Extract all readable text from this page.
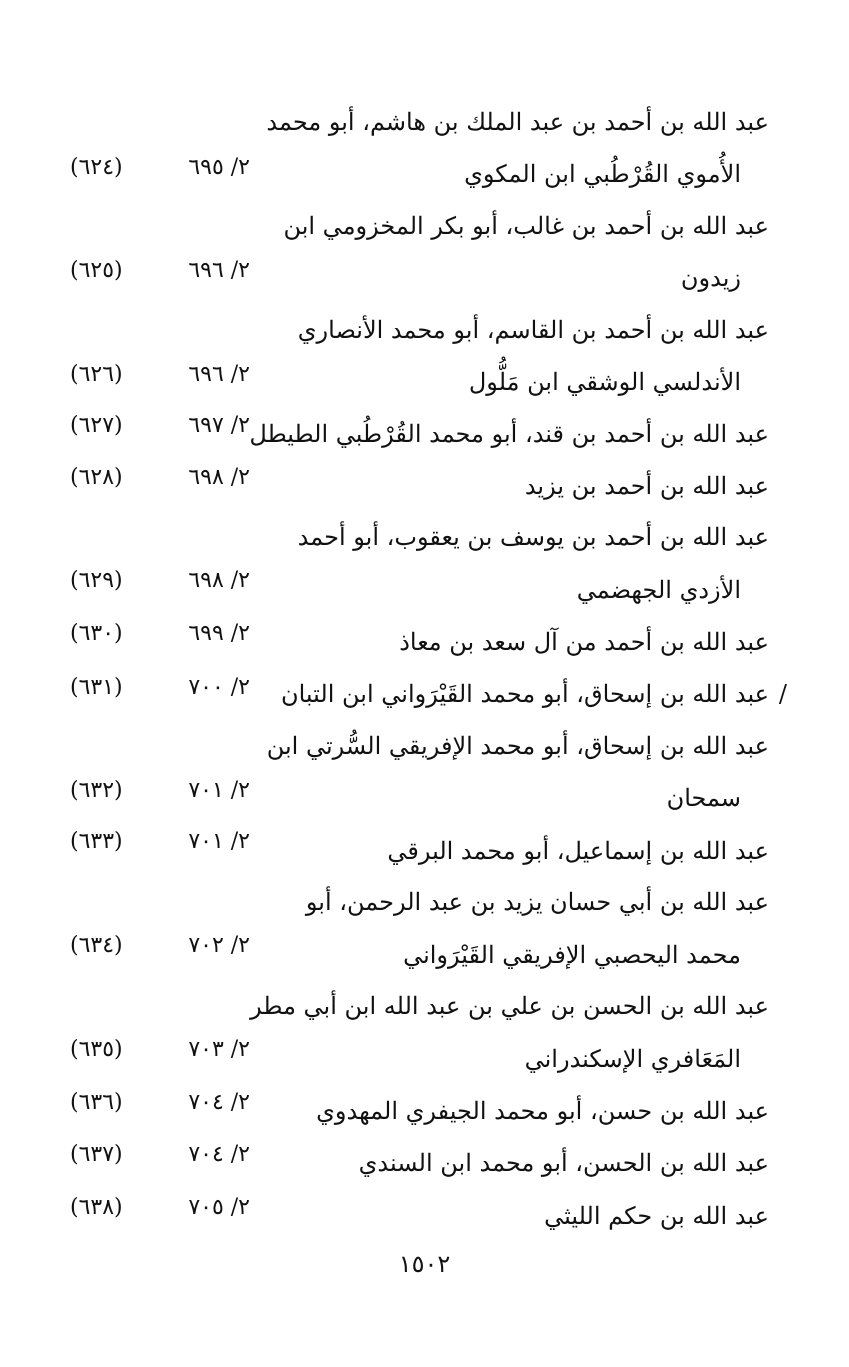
عبد الله بن أحمد بن عبد الملك بن هاشم، أبو محمد
الأُموي القُرْطُبي ابن المكوي
(٦٢٤)	٢/ ٦٩٥
عبد الله بن أحمد بن غالب، أبو بكر المخزومي ابن
زيدون
(٦٢٥)	٢/ ٦٩٦
عبد الله بن أحمد بن القاسم، أبو محمد الأنصاري
الأندلسي الوشقي ابن مَلُّول
(٦٢٦)	٢/ ٦٩٦
عبد الله بن أحمد بن قند، أبو محمد القُرْطُبي الطيطل
(٦٢٧)	٢/ ٦٩٧
عبد الله بن أحمد بن يزيد
(٦٢٨)	٢/ ٦٩٨
عبد الله بن أحمد بن يوسف بن يعقوب، أبو أحمد
الأزدي الجهضمي
(٦٢٩)	٢/ ٦٩٨
عبد الله بن أحمد من آل سعد بن معاذ
(٦٣٠)	٢/ ٦٩٩
/
عبد الله بن إسحاق، أبو محمد القَيْرَواني ابن التبان
(٦٣١)	٢/ ٧٠٠
عبد الله بن إسحاق، أبو محمد الإفريقي السُّرتي ابن
سمحان
(٦٣٢)	٢/ ٧٠١
عبد الله بن إسماعيل، أبو محمد البرقي
(٦٣٣)	٢/ ٧٠١
عبد الله بن أبي حسان يزيد بن عبد الرحمن، أبو
محمد اليحصبي الإفريقي القَيْرَواني
(٦٣٤)	٢/ ٧٠٢
عبد الله بن الحسن بن علي بن عبد الله ابن أبي مطر
المَعَافري الإسكندراني
(٦٣٥)	٢/ ٧٠٣
عبد الله بن حسن، أبو محمد الجيفري المهدوي
(٦٣٦)	٢/ ٧٠٤
عبد الله بن الحسن، أبو محمد ابن السندي
(٦٣٧)	٢/ ٧٠٤
عبد الله بن حكم الليثي
(٦٣٨)	٢/ ٧٠٥
١٥٠٢
